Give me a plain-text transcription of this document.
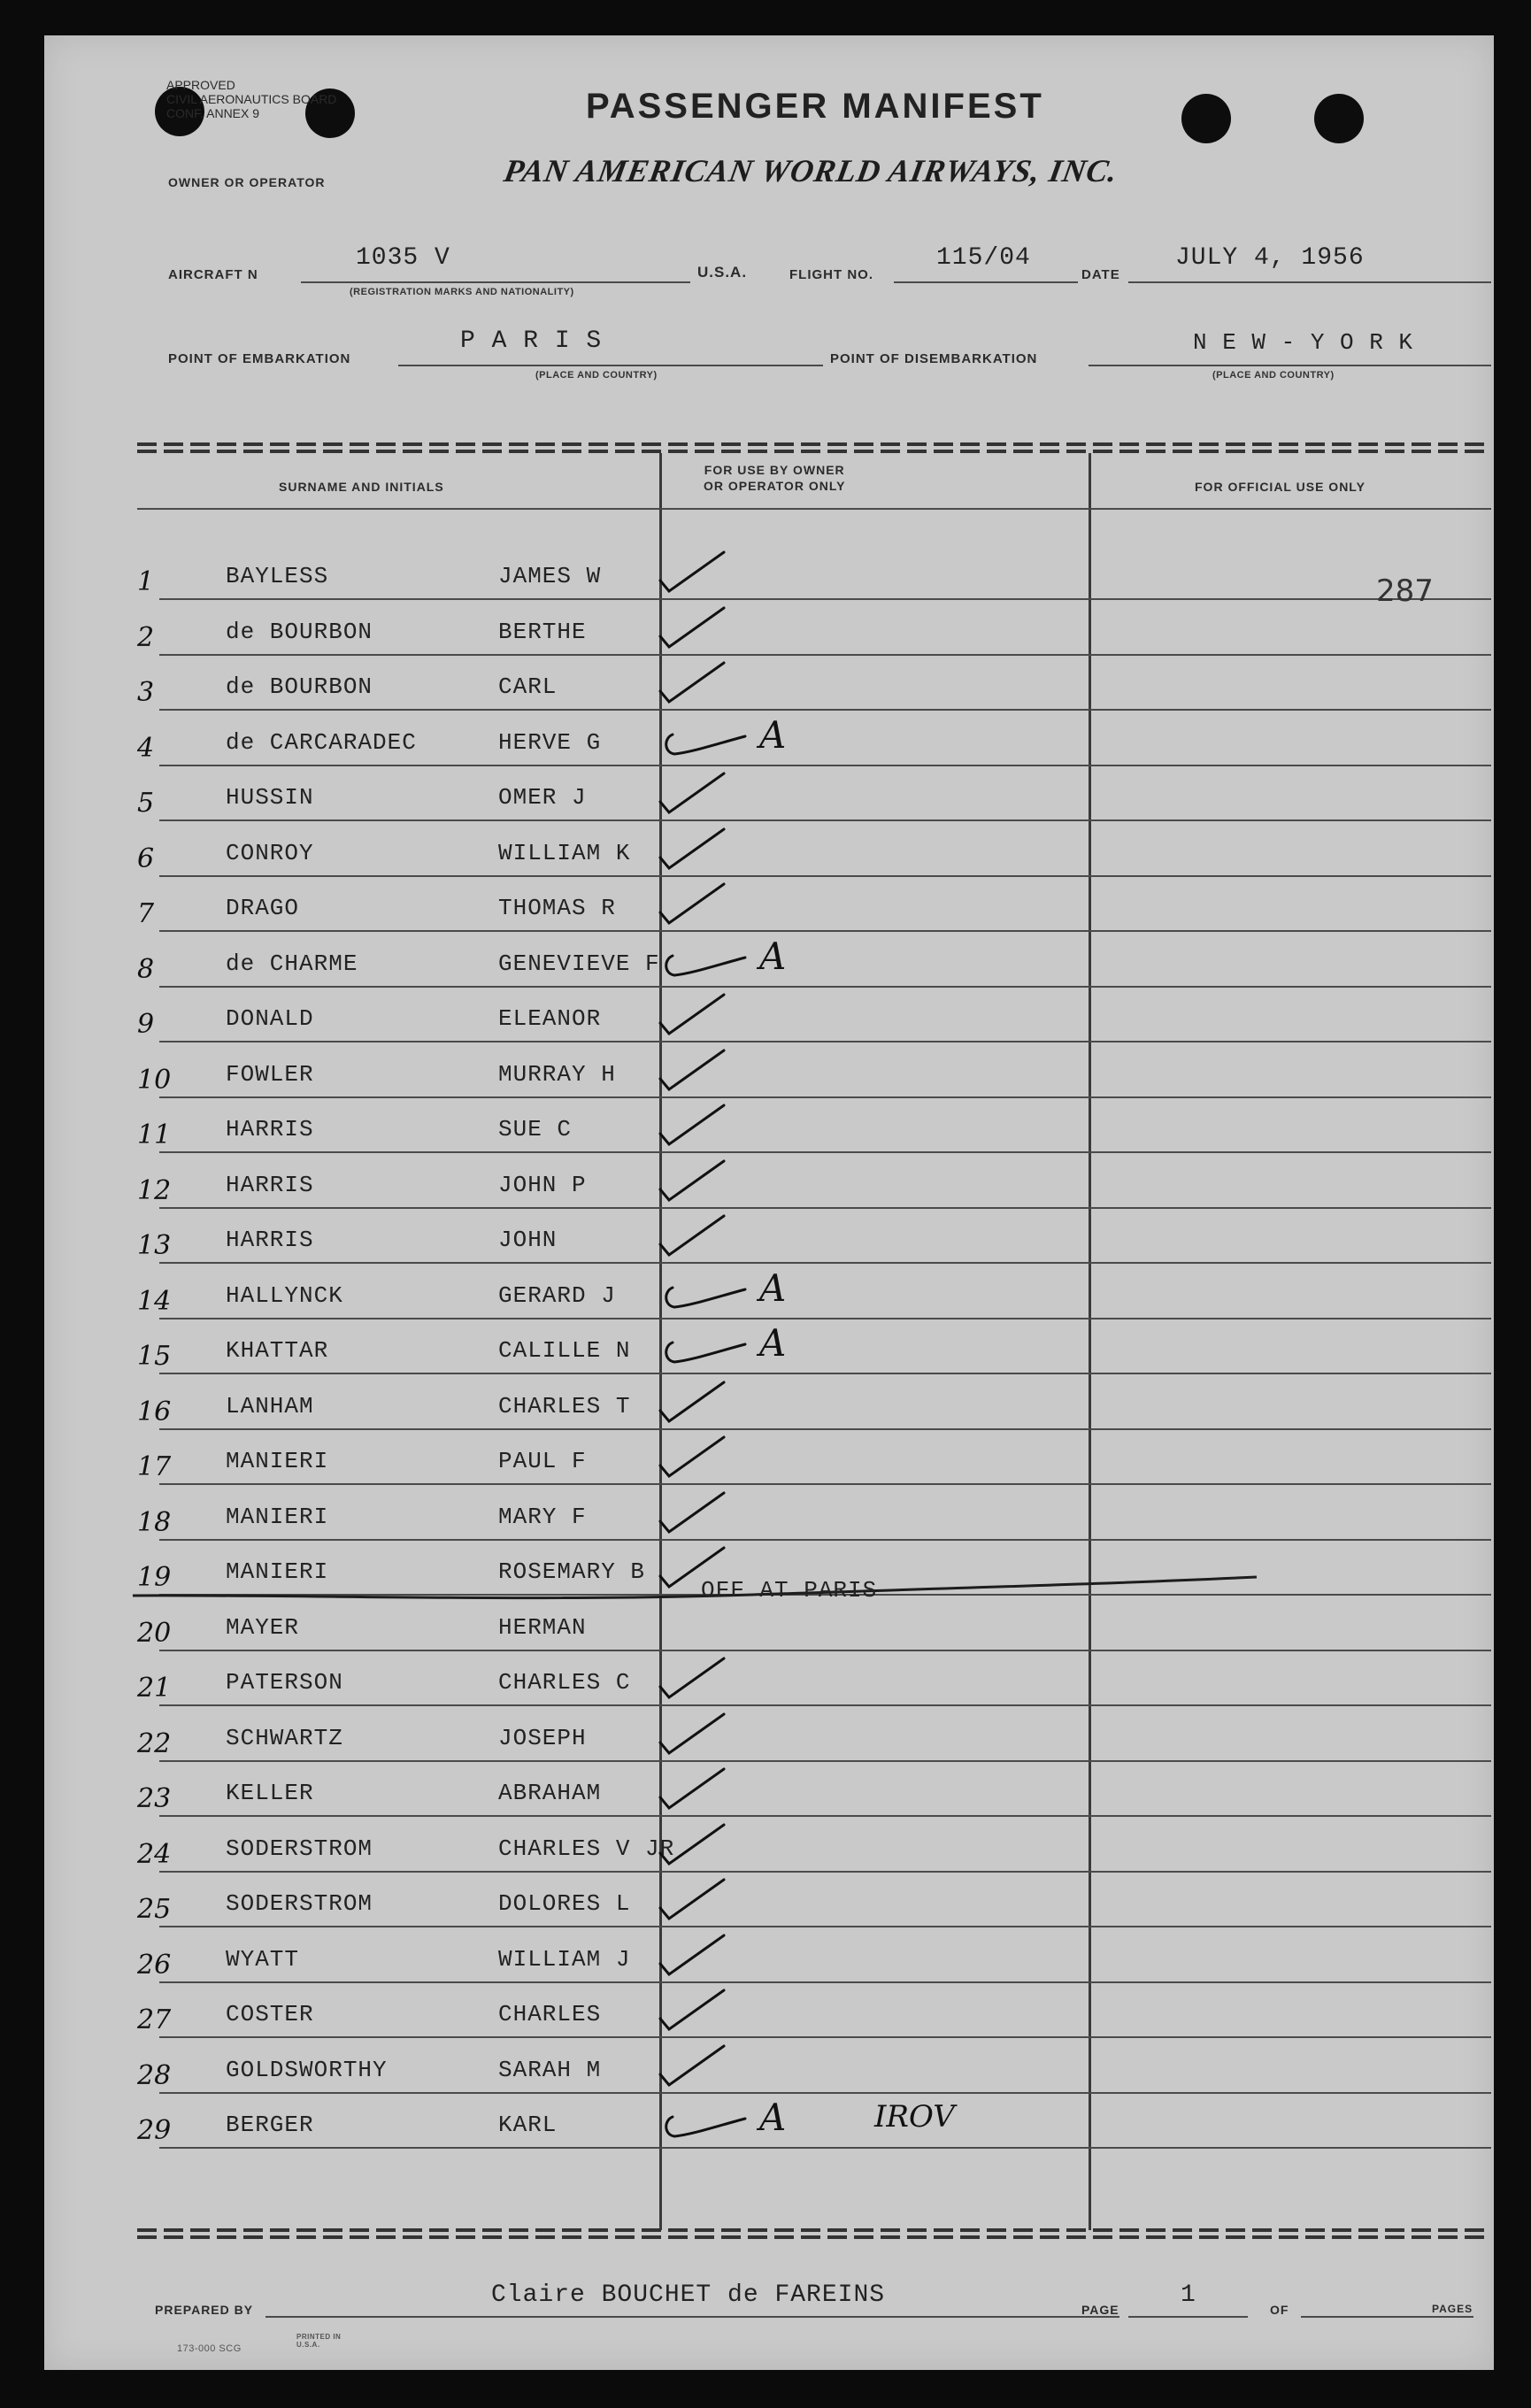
APPROVED
CIVIL AERONAUTICS BOARD
CONF. ANNEX 9	PASSENGER MANIFEST
OWNER OR OPERATOR	PAN AMERICAN WORLD AIRWAYS, INC.
AIRCRAFT N
1035 V
(REGISTRATION MARKS AND NATIONALITY)
U.S.A.	FLIGHT NO.
115/04
DATE
JULY 4, 1956
POINT OF EMBARKATION
P A R I S
(PLACE AND COUNTRY)
POINT OF DISEMBARKATION
N E W - Y O R K
(PLACE AND COUNTRY)
SURNAME AND INITIALS
FOR USE BY OWNER
OR OPERATOR ONLY	FOR OFFICIAL USE ONLY
1	BAYLESS	JAMES W
2	de BOURBON	BERTHE
3	de BOURBON	CARL
4	de CARCARADEC	HERVE G	A
5	HUSSIN	OMER J
6	CONROY	WILLIAM K
7	DRAGO	THOMAS R
8	de CHARME	GENEVIEVE F	A
9	DONALD	ELEANOR
10 FOWLER	MURRAY H
11 HARRIS	SUE C
12 HARRIS	JOHN P
13 HARRIS	JOHN
14 HALLYNCK	GERARD J	A
15 KHATTAR	CALILLE N	A
16 LANHAM	CHARLES T
17 MANIERI	PAUL F
18 MANIERI	MARY F
19 MANIERI	ROSEMARY B
20 MAYER	HERMAN
21 PATERSON	CHARLES C
22 SCHWARTZ	JOSEPH
23 KELLER	ABRAHAM
24 SODERSTROM	CHARLES V JR
25 SODERSTROM	DOLORES L
26 WYATT	WILLIAM J
27 COSTER	CHARLES
28 GOLDSWORTHY	SARAH M
29 BERGER	KARL	A
287
OFF AT PARIS
IROV
PREPARED BY
Claire BOUCHET de FAREINS
PAGE
1
OF	PAGES
173-000 SCG
PRINTED IN U.S.A.
